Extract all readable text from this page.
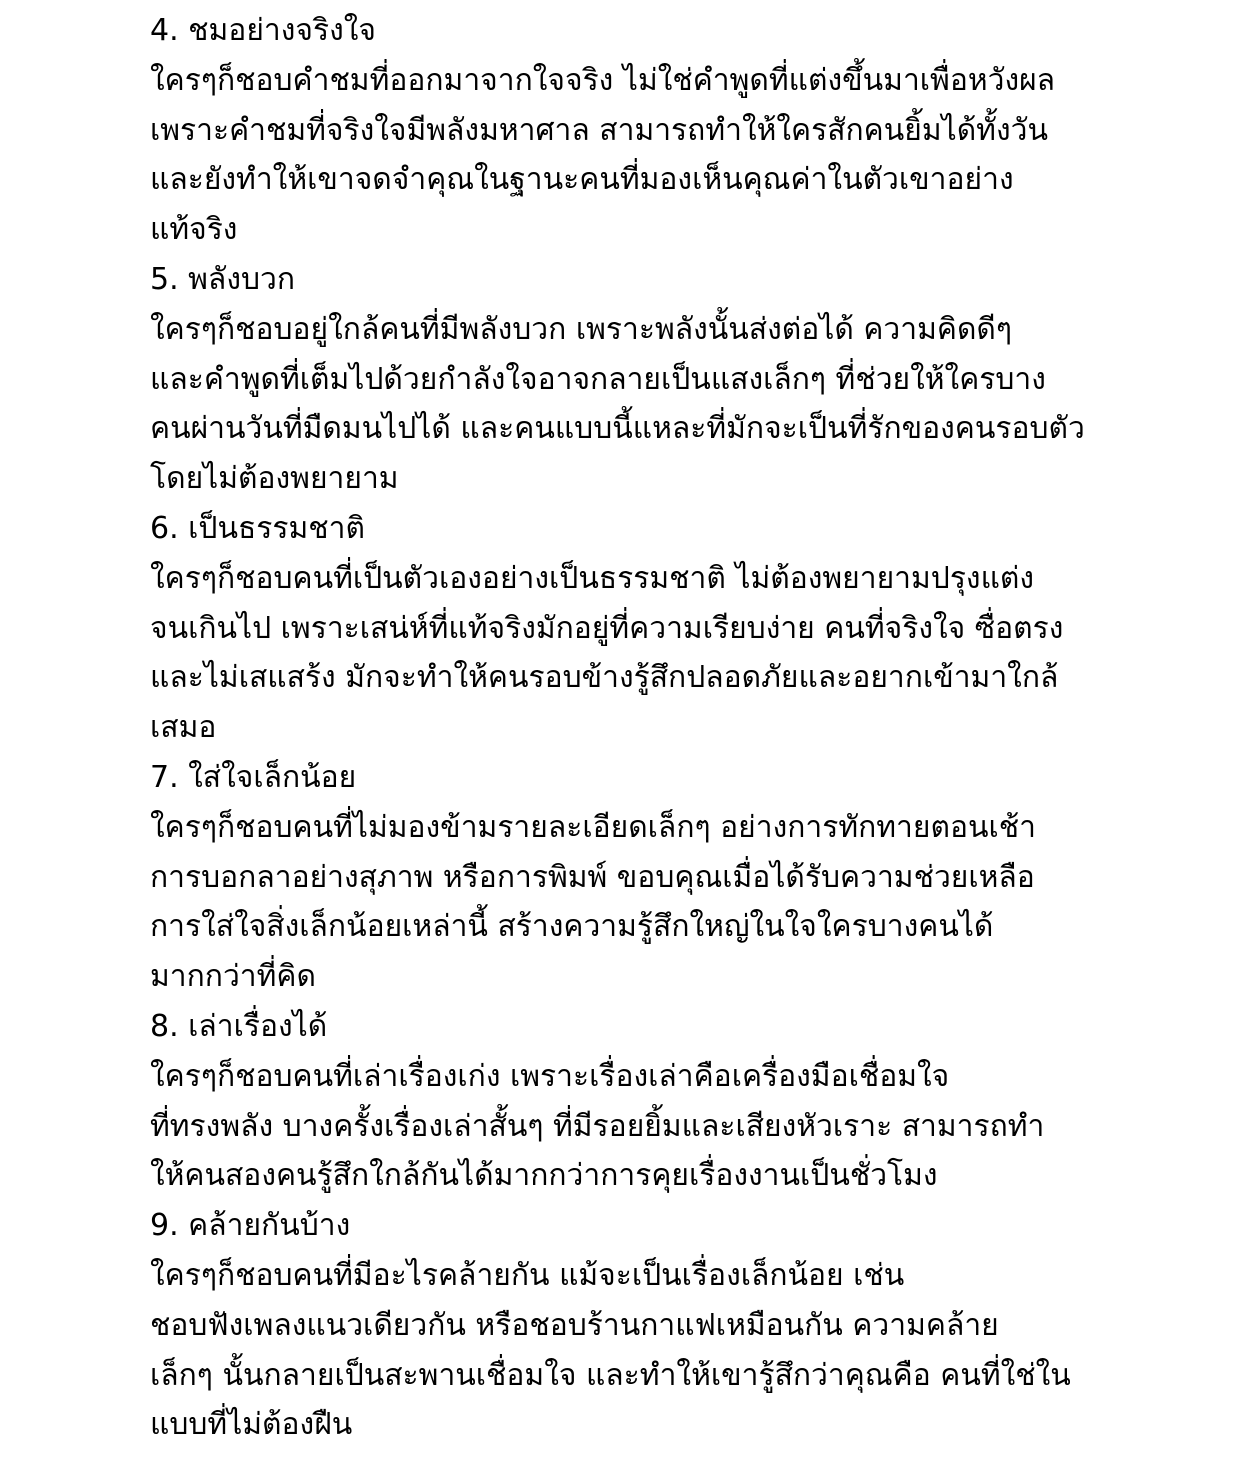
4. ชมอย่างจริงใจ
ใครๆก็ชอบคำชมที่ออกมาจากใจจริง ไม่ใช่คำพูดที่แต่งขึ้นมาเพื่อหวังผล
เพราะคำชมที่จริงใจมีพลังมหาศาล สามารถทำให้ใครสักคนยิ้มได้ทั้งวัน
และยังทำให้เขาจดจำคุณในฐานะคนที่มองเห็นคุณค่าในตัวเขาอย่าง
แท้จริง
5. พลังบวก
ใครๆก็ชอบอยู่ใกล้คนที่มีพลังบวก เพราะพลังนั้นส่งต่อได้ ความคิดดีๆ
และคำพูดที่เต็มไปด้วยกำลังใจอาจกลายเป็นแสงเล็กๆ ที่ช่วยให้ใครบาง
คนผ่านวันที่มืดมนไปได้ และคนแบบนี้แหละที่มักจะเป็นที่รักของคนรอบตัว
โดยไม่ต้องพยายาม
6. เป็นธรรมชาติ
ใครๆก็ชอบคนที่เป็นตัวเองอย่างเป็นธรรมชาติ ไม่ต้องพยายามปรุงแต่ง
จนเกินไป เพราะเสน่ห์ที่แท้จริงมักอยู่ที่ความเรียบง่าย คนที่จริงใจ ซื่อตรง
และไม่เสแสร้ง มักจะทำให้คนรอบข้างรู้สึกปลอดภัยและอยากเข้ามาใกล้
เสมอ
7. ใส่ใจเล็กน้อย
ใครๆก็ชอบคนที่ไม่มองข้ามรายละเอียดเล็กๆ อย่างการทักทายตอนเช้า
การบอกลาอย่างสุภาพ หรือการพิมพ์ ขอบคุณเมื่อได้รับความช่วยเหลือ
การใส่ใจสิ่งเล็กน้อยเหล่านี้ สร้างความรู้สึกใหญ่ในใจใครบางคนได้
มากกว่าที่คิด
8. เล่าเรื่องได้
ใครๆก็ชอบคนที่เล่าเรื่องเก่ง เพราะเรื่องเล่าคือเครื่องมือเชื่อมใจ
ที่ทรงพลัง บางครั้งเรื่องเล่าสั้นๆ ที่มีรอยยิ้มและเสียงหัวเราะ สามารถทำ
ให้คนสองคนรู้สึกใกล้กันได้มากกว่าการคุยเรื่องงานเป็นชั่วโมง
9. คล้ายกันบ้าง
ใครๆก็ชอบคนที่มีอะไรคล้ายกัน แม้จะเป็นเรื่องเล็กน้อย เช่น
ชอบฟังเพลงแนวเดียวกัน หรือชอบร้านกาแฟเหมือนกัน ความคล้าย
เล็กๆ นั้นกลายเป็นสะพานเชื่อมใจ และทำให้เขารู้สึกว่าคุณคือ คนที่ใช่ใน
แบบที่ไม่ต้องฝืน
